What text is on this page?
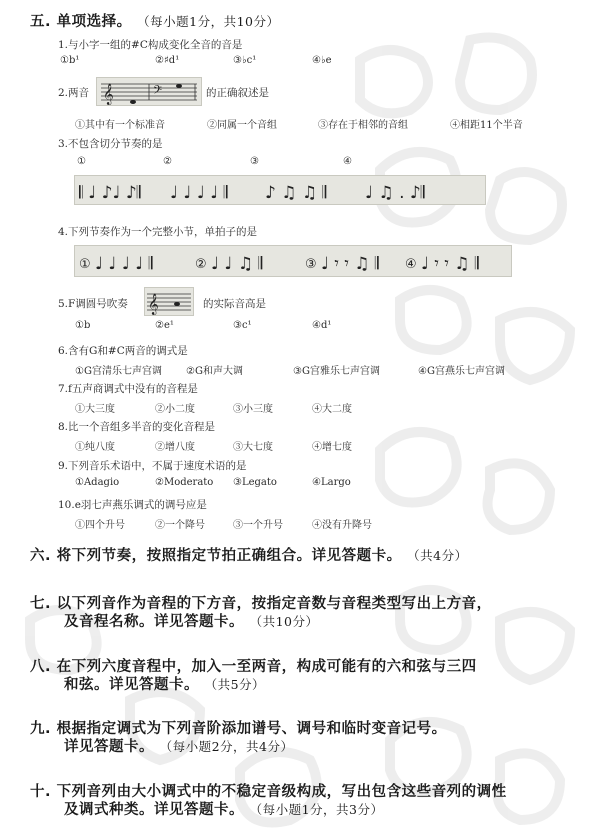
五. 单项选择。 （每小题1分，共10分）
1.与小字一组的#C构成变化全音的音是
①b¹	②♯d¹	③♭c¹	④♭e
2.两音 𝄞	𝄢	的正确叙述是
①其中有一个标准音	②同属一个音组	③存在于相邻的音组	④相距11个半音
3.不包含切分节奏的是
①	②	③	④
𝄃 ♩ ♪♩ ♪𝄂 ♩ ♩ ♩ ♩ 𝄂 ♪ ♫ ♫ 𝄂 ♩ ♫ . ♪𝄂
4.下列节奏作为一个完整小节，单拍子的是
① ♩ ♩ ♩ ♩ 𝄂	② ♩ ♩ ♫ 𝄂	③ ♩ 𝄾 𝄾 ♫ 𝄂 ④ ♩ 𝄾 𝄾 ♫ 𝄂
5.F调圆号吹奏 𝄞	的实际音高是
①b	②e¹	③c¹	④d¹
6.含有G和#C两音的调式是
①G宫清乐七声宫调 ②G和声大调	③G宫雅乐七声宫调	④G宫燕乐七声宫调
7.f五声商调式中没有的音程是
①大三度	②小二度	③小三度	④大二度
8.比一个音组多半音的变化音程是
①纯八度	②增八度	③大七度	④增七度
9.下列音乐术语中，不属于速度术语的是
①Adagio	②Moderato ③Legato	④Largo
10.e羽七声燕乐调式的调号应是
①四个升号	②一个降号	③一个升号	④没有升降号
六. 将下列节奏，按照指定节拍正确组合。详见答题卡。 （共4分）
七. 以下列音作为音程的下方音，按指定音数与音程类型写出上方音，
及音程名称。详见答题卡。 （共10分）
八. 在下列六度音程中，加入一至两音，构成可能有的六和弦与三四
和弦。详见答题卡。 （共5分）
九. 根据指定调式为下列音阶添加谱号、调号和临时变音记号。
详见答题卡。 （每小题2分，共4分）
十. 下列音列由大小调式中的不稳定音级构成，写出包含这些音列的调性
及调式种类。详见答题卡。 （每小题1分，共3分）
